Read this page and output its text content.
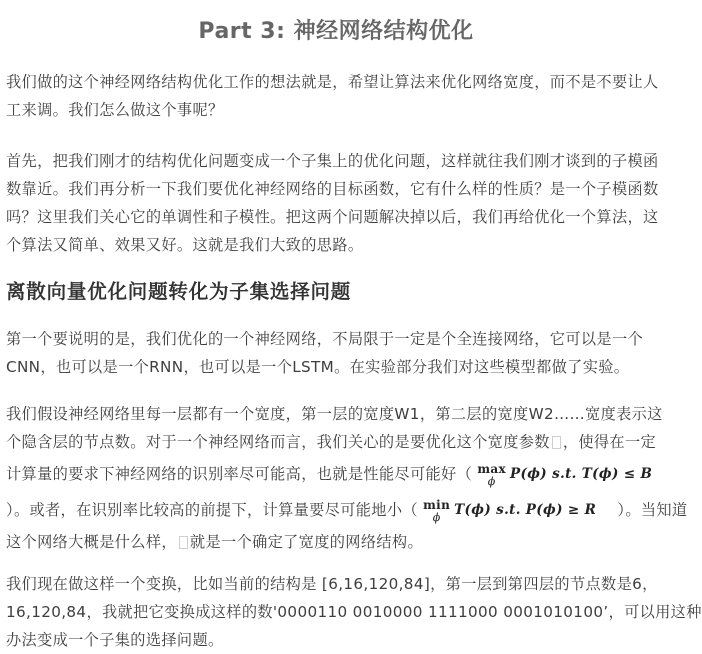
Part 3: 神经网络结构优化
我们做的这个神经网络结构优化工作的想法就是，希望让算法来优化网络宽度，而不是不要让人
工来调。我们怎么做这个事呢？
首先，把我们刚才的结构优化问题变成一个子集上的优化问题，这样就往我们刚才谈到的子模函
数靠近。我们再分析一下我们要优化神经网络的目标函数，它有什么样的性质？是一个子模函数
吗？这里我们关心它的单调性和子模性。把这两个问题解决掉以后，我们再给优化一个算法，这
个算法又简单、效果又好。这就是我们大致的思路。
离散向量优化问题转化为子集选择问题
第一个要说明的是，我们优化的一个神经网络，不局限于一定是个全连接网络，它可以是一个
CNN，也可以是一个RNN，也可以是一个LSTM。在实验部分我们对这些模型都做了实验。
我们假设神经网络里每一层都有一个宽度，第一层的宽度W1，第二层的宽度W2……宽度表示这
个隐含层的节点数。对于一个神经网络而言，我们关心的是要优化这个宽度参数 ，使得在一定
计算量的要求下神经网络的识别率尽可能高，也就是性能尽可能好（ max
ϕ	P(ϕ) s.t. T(ϕ) ≤ B
）。或者，在识别率比较高的前提下，计算量要尽可能地小（ min
ϕ	T(ϕ) s.t. P(ϕ) ≥ R ）。当知道
这个网络大概是什么样， 就是一个确定了宽度的网络结构。
我们现在做这样一个变换，比如当前的结构是 [6,16,120,84]，第一层到第四层的节点数是6，
16,120,84，我就把它变换成这样的数'0000110 0010000 1111000 0001010100’，可以用这种
办法变成一个子集的选择问题。
